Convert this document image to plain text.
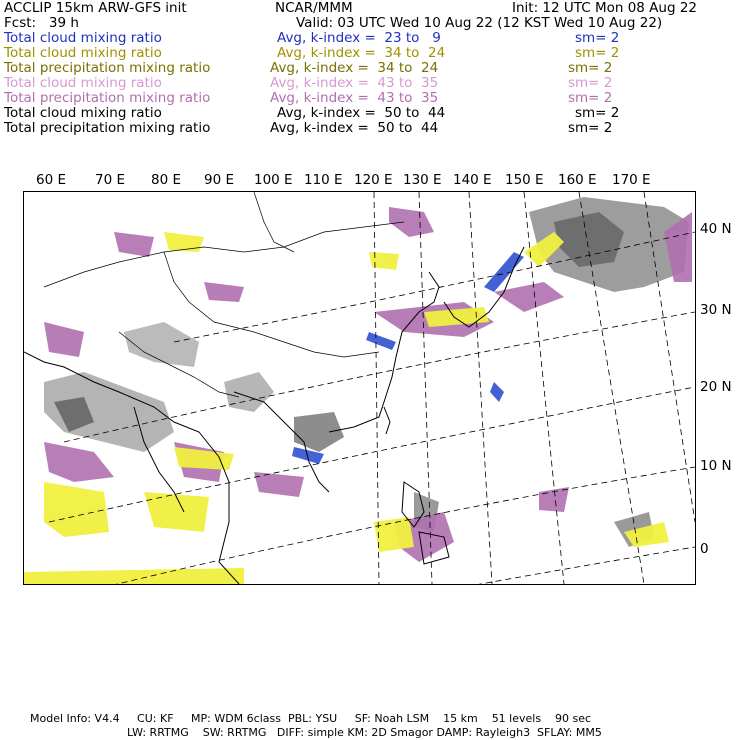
ACCLIP 15km ARW-GFS init	NCAR/MMM	Init: 12 UTC Mon 08 Aug 22
Fcst:   39 h	Valid: 03 UTC Wed 10 Aug 22 (12 KST Wed 10 Aug 22)
Total cloud mixing ratio	Avg, k-index =  23 to   9	sm= 2
Total cloud mixing ratio	Avg, k-index =  34 to  24	sm= 2
Total precipitation mixing ratio	Avg, k-index =  34 to  24	sm= 2
Total cloud mixing ratio	Avg, k-index =  43 to  35	sm= 2
Total precipitation mixing ratio	Avg, k-index =  43 to  35	sm= 2
Total cloud mixing ratio	Avg, k-index =  50 to  44	sm= 2
Total precipitation mixing ratio	Avg, k-index =  50 to  44	sm= 2
60 E 70 E 80 E 90 E 100 E 110 E 120 E 130 E 140 E 150 E 160 E 170 E
40 N
30 N
20 N
10 N
0
Model Info: V4.4     CU: KF     MP: WDM 6class  PBL: YSU     SF: Noah LSM    15 km    51 levels    90 sec
LW: RRTMG    SW: RRTMG   DIFF: simple KM: 2D Smagor DAMP: Rayleigh3  SFLAY: MM5
